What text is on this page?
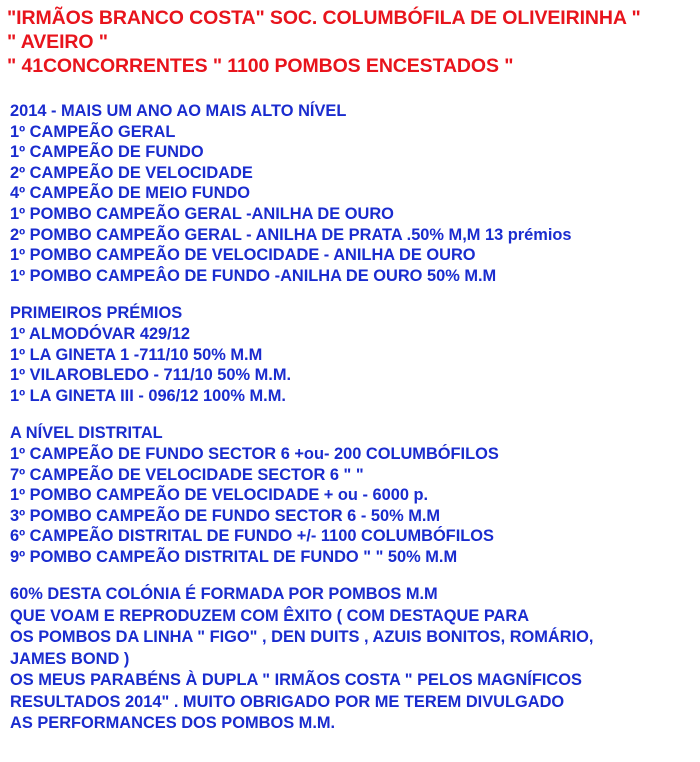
"IRMÃOS BRANCO COSTA" SOC. COLUMBÓFILA DE OLIVEIRINHA "
" AVEIRO "
" 41CONCORRENTES " 1100 POMBOS ENCESTADOS "
2014 - MAIS UM ANO AO MAIS ALTO NÍVEL
1º CAMPEÃO GERAL
1º CAMPEÃO DE FUNDO
2º CAMPEÃO DE VELOCIDADE
4º CAMPEÃO DE MEIO FUNDO
1º POMBO CAMPEÃO GERAL -ANILHA DE OURO
2º POMBO CAMPEÃO GERAL - ANILHA DE PRATA .50% M,M 13 prémios
1º POMBO CAMPEÃO DE VELOCIDADE - ANILHA DE OURO
1º POMBO CAMPEÂO DE FUNDO -ANILHA DE OURO 50% M.M
PRIMEIROS PRÉMIOS
1º ALMODÓVAR 429/12
1º LA GINETA 1 -711/10 50% M.M
1º VILAROBLEDO - 711/10 50% M.M.
1º LA GINETA III - 096/12 100% M.M.
A NÍVEL DISTRITAL
1º CAMPEÃO DE FUNDO SECTOR 6 +ou- 200 COLUMBÓFILOS
7º CAMPEÃO DE VELOCIDADE SECTOR 6 " "
1º POMBO CAMPEÃO DE VELOCIDADE + ou - 6000 p.
3º POMBO CAMPEÃO DE FUNDO SECTOR 6 - 50% M.M
6º CAMPEÃO DISTRITAL DE FUNDO +/- 1100 COLUMBÓFILOS
9º POMBO CAMPEÃO DISTRITAL DE FUNDO " " 50% M.M
60% DESTA COLÓNIA É FORMADA POR POMBOS M.M
QUE VOAM E REPRODUZEM COM ÊXITO ( COM DESTAQUE PARA
OS POMBOS DA LINHA " FIGO" , DEN DUITS , AZUIS BONITOS, ROMÁRIO,
JAMES BOND )
OS MEUS PARABÉNS À DUPLA " IRMÃOS COSTA " PELOS MAGNÍFICOS
RESULTADOS 2014" . MUITO OBRIGADO POR ME TEREM DIVULGADO
AS PERFORMANCES DOS POMBOS M.M.
